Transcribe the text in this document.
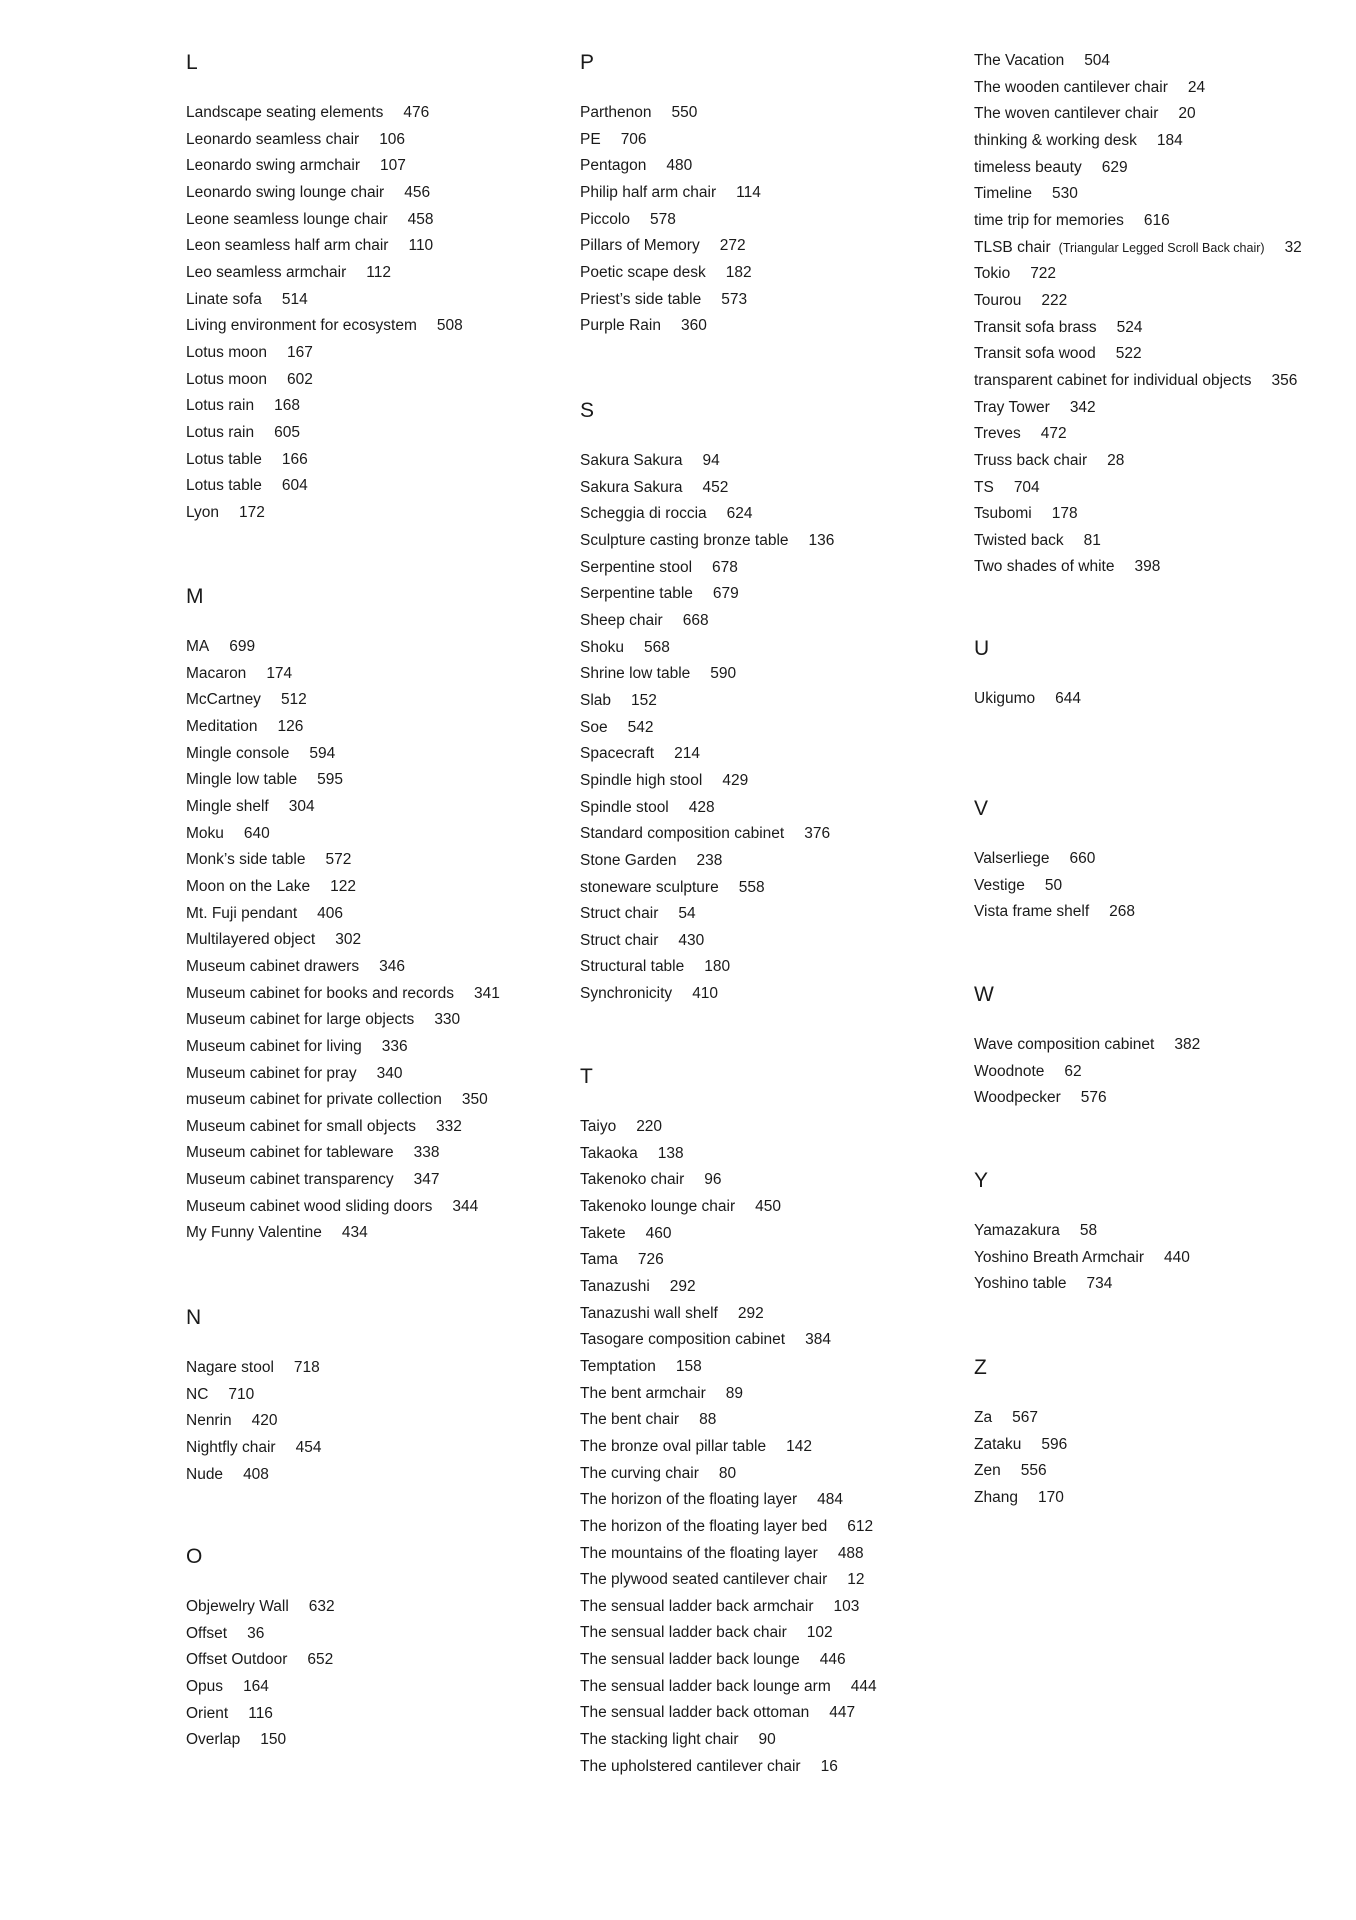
L
Landscape seating elements 476
Leonardo seamless chair 106
Leonardo swing armchair 107
Leonardo swing lounge chair 456
Leone seamless lounge chair 458
Leon seamless half arm chair 110
Leo seamless armchair 112
Linate sofa 514
Living environment for ecosystem 508
Lotus moon 167
Lotus moon 602
Lotus rain 168
Lotus rain 605
Lotus table 166
Lotus table 604
Lyon 172
M
MA 699
Macaron 174
McCartney 512
Meditation 126
Mingle console 594
Mingle low table 595
Mingle shelf 304
Moku 640
Monk’s side table 572
Moon on the Lake 122
Mt. Fuji pendant 406
Multilayered object 302
Museum cabinet drawers 346
Museum cabinet for books and records 341
Museum cabinet for large objects 330
Museum cabinet for living 336
Museum cabinet for pray 340
museum cabinet for private collection 350
Museum cabinet for small objects 332
Museum cabinet for tableware 338
Museum cabinet transparency 347
Museum cabinet wood sliding doors 344
My Funny Valentine 434
N
Nagare stool 718
NC 710
Nenrin 420
Nightfly chair 454
Nude 408
O
Objewelry Wall 632
Offset 36
Offset Outdoor 652
Opus 164
Orient 116
Overlap 150
P
Parthenon 550
PE 706
Pentagon 480
Philip half arm chair 114
Piccolo 578
Pillars of Memory 272
Poetic scape desk 182
Priest’s side table 573
Purple Rain 360
S
Sakura Sakura 94
Sakura Sakura 452
Scheggia di roccia 624
Sculpture casting bronze table 136
Serpentine stool 678
Serpentine table 679
Sheep chair 668
Shoku 568
Shrine low table 590
Slab 152
Soe 542
Spacecraft 214
Spindle high stool 429
Spindle stool 428
Standard composition cabinet 376
Stone Garden 238
stoneware sculpture 558
Struct chair 54
Struct chair 430
Structural table 180
Synchronicity 410
T
Taiyo 220
Takaoka 138
Takenoko chair 96
Takenoko lounge chair 450
Takete 460
Tama 726
Tanazushi 292
Tanazushi wall shelf 292
Tasogare composition cabinet 384
Temptation 158
The bent armchair 89
The bent chair 88
The bronze oval pillar table 142
The curving chair 80
The horizon of the floating layer 484
The horizon of the floating layer bed 612
The mountains of the floating layer 488
The plywood seated cantilever chair 12
The sensual ladder back armchair 103
The sensual ladder back chair 102
The sensual ladder back lounge 446
The sensual ladder back lounge arm 444
The sensual ladder back ottoman 447
The stacking light chair 90
The upholstered cantilever chair 16
The Vacation 504
The wooden cantilever chair 24
The woven cantilever chair 20
thinking & working desk 184
timeless beauty 629
Timeline 530
time trip for memories 616
TLSB chair (Triangular Legged Scroll Back chair) 32
Tokio 722
Tourou 222
Transit sofa brass 524
Transit sofa wood 522
transparent cabinet for individual objects 356
Tray Tower 342
Treves 472
Truss back chair 28
TS 704
Tsubomi 178
Twisted back 81
Two shades of white 398
U
Ukigumo 644
V
Valserliege 660
Vestige 50
Vista frame shelf 268
W
Wave composition cabinet 382
Woodnote 62
Woodpecker 576
Y
Yamazakura 58
Yoshino Breath Armchair 440
Yoshino table 734
Z
Za 567
Zataku 596
Zen 556
Zhang 170
